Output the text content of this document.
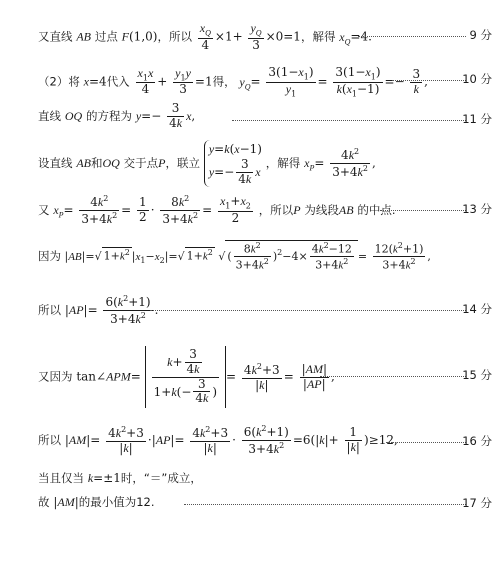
又直线 AB 过点 F(1,0)，所以 $\frac{x_Q}{4} \times 1+ \frac{y_Q}{3} \times 0=1$，解得 $x_Q=4$.	9 分
（2）将 x=4代入 $\frac{x_1x}{4} + \frac{y_1y}{3} =1$得， $y_Q= \frac{3(1-x_1)}{y_1} = \frac{3(1-x_1)}{k(x_1-1)} =- \frac{3}{k}$ ,	10 分
直线 OQ 的方程为 $y=- \frac{3}{4k} x$,	11 分
设直线 AB和OQ 交于点P，联立
y=k(x−1)
$y=- \frac{3}{4k}$ x
，解得 $x_P= \frac{4k^2}{3+4k^2}$ ,
又 $x_P= \frac{4k^2}{3+4k^2} = \frac{1}{2} \cdot \frac{8k^2}{3+4k^2} = \frac{x_1+x_2}{2}$ ，所以P 为线段AB 的中点.	13 分
因为 |AB|=√ $1+k^2$ $|x_1-x_2|=√$ $1+k^2$ √ ( $\frac{8k^2}{3+4k^2} )^2-4\times \frac{4k^2-12}{3+4k^2} = \frac{12(k^2+1)}{3+4k^2}$ ,
所以 $|AP|= \frac{6(k^2+1)}{3+4k^2}$ .	14 分
又因为 tan∠APM= $\frac{k+ \frac{3}{4k}}{1+k(- \frac{3}{4k} )} = \frac{4k^2+3}{|k|} = \frac{|AM|}{|AP|}$ ,	15 分
所以 $|AM|= \frac{4k^2+3}{|k|} \cdot|AP|= \frac{4k^2+3}{|k|} \cdot \frac{6(k^2+1)}{3+4k^2} =6(|k|+ \frac{1}{|k|} )\ge 12$,	16 分
当且仅当 k=±1时，“＝”成立，
故 |AM|的最小值为12.	17 分
